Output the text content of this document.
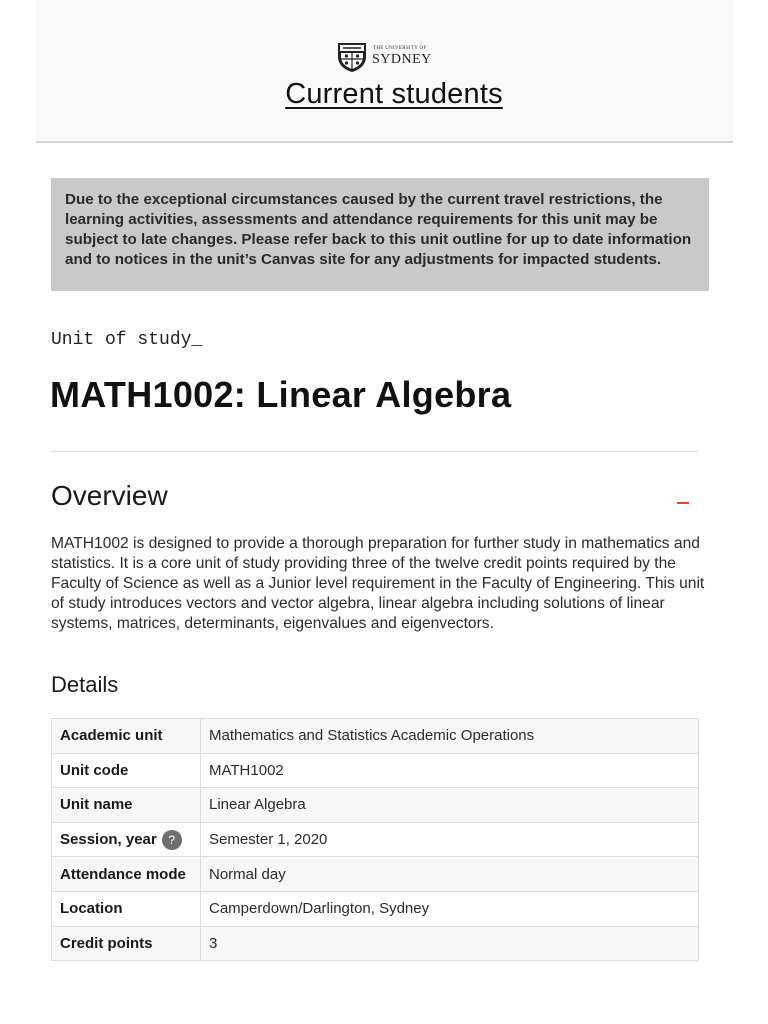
THE UNIVERSITY OF
SYDNEY
Current students
Due to the exceptional circumstances caused by the current travel restrictions, the learning activities, assessments and attendance requirements for this unit may be subject to late changes. Please refer back to this unit outline for up to date information and to notices in the unit’s Canvas site for any adjustments for impacted students.
Unit of study_
MATH1002: Linear Algebra
Overview

MATH1002 is designed to provide a thorough preparation for further study in mathematics and statistics. It is a core unit of study providing three of the twelve credit points required by the Faculty of Science as well as a Junior level requirement in the Faculty of Engineering. This unit of study introduces vectors and vector algebra, linear algebra including solutions of linear systems, matrices, determinants, eigenvalues and eigenvectors.

Details
Academic unit	Mathematics and Statistics Academic Operations
Unit code	MATH1002
Unit name	Linear Algebra
Session, year ?	Semester 1, 2020
Attendance mode	Normal day
Location	Camperdown/Darlington, Sydney
Credit points	3
